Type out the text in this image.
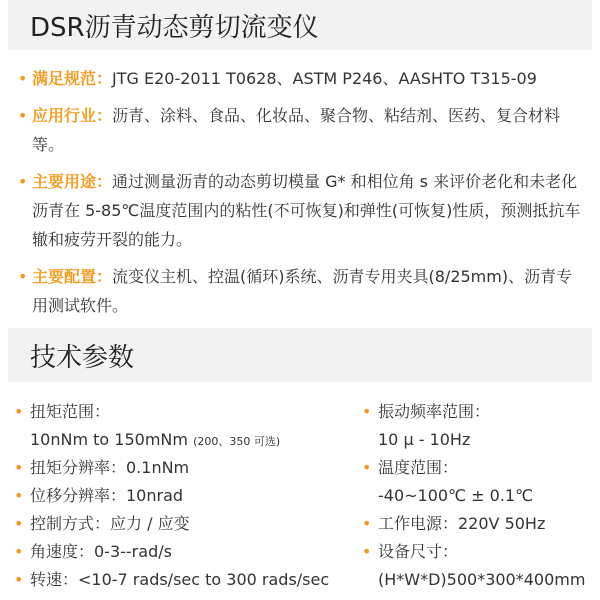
DSR沥青动态剪切流变仪
• 满足规范：JTG E20-2011 T0628、ASTM P246、AASHTO T315-09
• 应用行业：沥青、涂料、食品、化妆品、聚合物、粘结剂、医药、复合材料等。
• 主要用途：通过测量沥青的动态剪切模量 G* 和相位角 s 来评价老化和未老化沥青在 5-85℃温度范围内的粘性(不可恢复)和弹性(可恢复)性质，预测抵抗车辙和疲劳开裂的能力。
• 主要配置：流变仪主机、控温(循环)系统、沥青专用夹具(8/25mm)、沥青专用测试软件。
技术参数
• 扭矩范围：
10nNm to 150mNm (200、350 可选)
• 扭矩分辨率：0.1nNm
• 位移分辨率：10nrad
• 控制方式：应力 / 应变
• 角速度：0-3--rad/s
• 转速：<10-7 rads/sec to 300 rads/sec
• 振动频率范围：
10 μ - 10Hz
• 温度范围：
-40~100℃ ± 0.1℃
• 工作电源：220V 50Hz
• 设备尺寸：
(H*W*D)500*300*400mm
